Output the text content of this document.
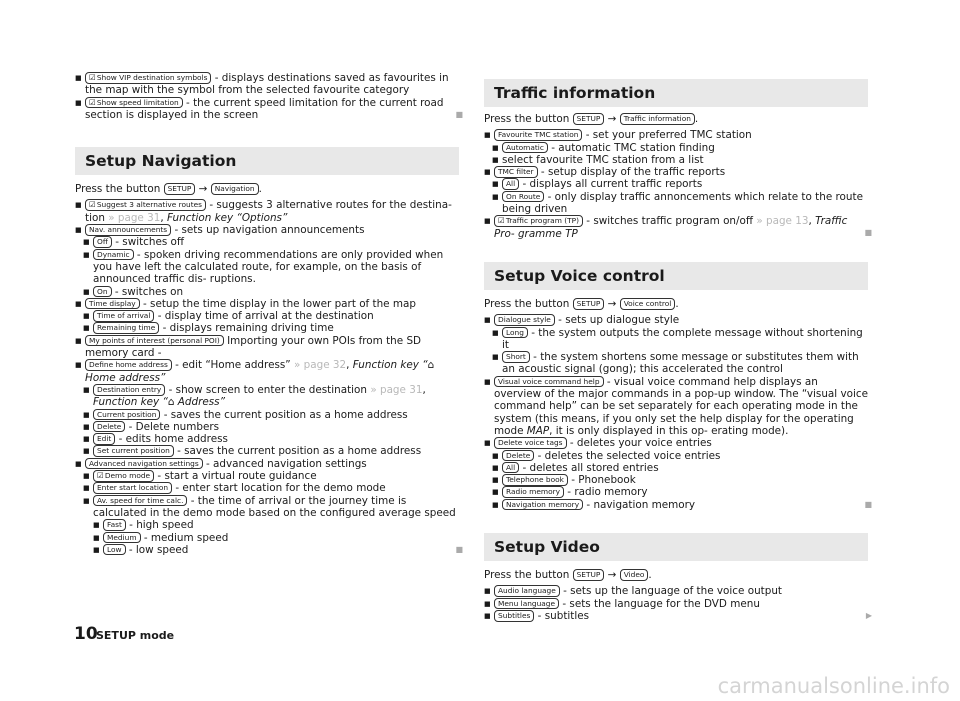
■ ☑Show VIP destination symbols - displays destinations saved as favourites in the map with the symbol from the selected favourite category

■ ☑Show speed limitation - the current speed limitation for the current road section is displayed in the screen	■
Setup Navigation

Press the button SETUP → Navigation .

■ ☑Suggest 3 alternative routes - suggests 3 alternative routes for the destina- tion » page 31, Function key “Options”

■ Nav. announcements - sets up navigation announcements

■ Off - switches off

■ Dynamic - spoken driving recommendations are only provided when you have left the calculated route, for example, on the basis of announced traffic dis- ruptions.

■ On - switches on

■ Time display - setup the time display in the lower part of the map

■ Time of arrival - display time of arrival at the destination

■ Remaining time - displays remaining driving time

■ My points of interest (personal POI) Importing your own POIs from the SD memory card -

■ Define home address - edit “Home address” » page 32, Function key “⌂ Home address”

■ Destination entry - show screen to enter the destination » page 31, Function key “⌂ Address”

■ Current position - saves the current position as a home address

■ Delete - Delete numbers

■ Edit - edits home address

■ Set current position - saves the current position as a home address

■ Advanced navigation settings - advanced navigation settings

■ ☑Demo mode - start a virtual route guidance

■ Enter start location - enter start location for the demo mode

■ Av. speed for time calc. - the time of arrival or the journey time is calculated in the demo mode based on the configured average speed

■ Fast - high speed

■ Medium - medium speed

■ Low - low speed	■

Traffic information

Press the button SETUP → Traffic information .

■ Favourite TMC station - set your preferred TMC station

■ Automatic - automatic TMC station finding

■ select favourite TMC station from a list

■ TMC filter - setup display of the traffic reports

■ All - displays all current traffic reports

■ On Route - only display traffic annoncements which relate to the route being driven

■ ☑Traffic program (TP) - switches traffic program on/off » page 13, Traffic Pro- gramme TP	■

Setup Voice control

Press the button SETUP → Voice control .

■ Dialogue style - sets up dialogue style

■ Long - the system outputs the complete message without shortening it

■ Short - the system shortens some message or substitutes them with an acoustic signal (gong); this accelerated the control

■ Visual voice command help - visual voice command help displays an overview of the major commands in a pop-up window. The “visual voice command help” can be set separately for each operating mode in the system (this means, if you only set the help display for the operating mode MAP, it is only displayed in this op- erating mode).

■ Delete voice tags - deletes your voice entries

■ Delete - deletes the selected voice entries

■ All - deletes all stored entries

■ Telephone book - Phonebook

■ Radio memory - radio memory

■ Navigation memory - navigation memory	■

Setup Video

Press the button SETUP → Video .

■ Audio language - sets up the language of the voice output

■ Menu language - sets the language for the DVD menu

■ Subtitles - subtitles	▶

10
SETUP mode
carmanualsonline.info
